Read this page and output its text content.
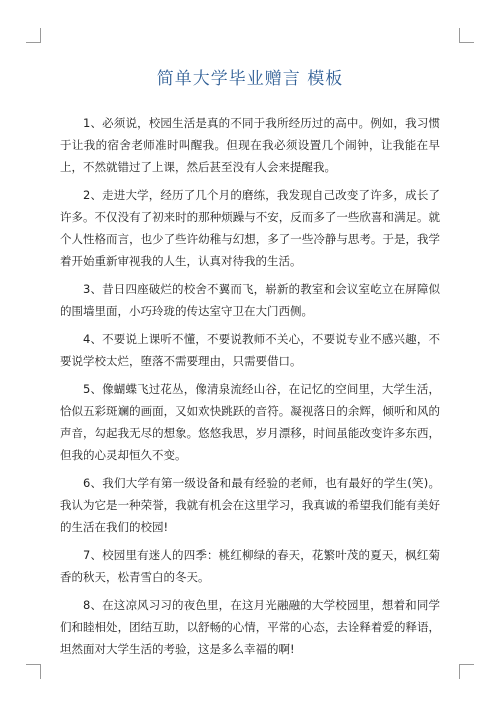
简单大学毕业赠言 模板

1、必须说，校园生活是真的不同于我所经历过的高中。例如，我习惯于让我的宿舍老师准时叫醒我。但现在我必须设置几个闹钟，让我能在早上，不然就错过了上课，然后甚至没有人会来提醒我。

2、走进大学，经历了几个月的磨练，我发现自己改变了许多，成长了许多。不仅没有了初来时的那种烦躁与不安，反而多了一些欣喜和满足。就个人性格而言，也少了些许幼稚与幻想，多了一些冷静与思考。于是，我学着开始重新审视我的人生，认真对待我的生活。

3、昔日四座破烂的校舍不翼而飞，崭新的教室和会议室屹立在屏障似的围墙里面，小巧玲珑的传达室守卫在大门西侧。

4、不要说上课听不懂，不要说教师不关心，不要说专业不感兴趣，不要说学校太烂，堕落不需要理由，只需要借口。

5、像蝴蝶飞过花丛，像清泉流经山谷，在记忆的空间里，大学生活，恰似五彩斑斓的画面，又如欢快跳跃的音符。凝视落日的余辉，倾听和风的声音，勾起我无尽的想象。悠悠我思，岁月漂移，时间虽能改变许多东西，但我的心灵却恒久不变。

6、我们大学有第一级设备和最有经验的老师，也有最好的学生(笑)。我认为它是一种荣誉，我就有机会在这里学习，我真诚的希望我们能有美好的生活在我们的校园!

7、校园里有迷人的四季：桃红柳绿的春天，花繁叶茂的夏天，枫红菊香的秋天，松青雪白的冬天。

8、在这凉风习习的夜色里，在这月光融融的大学校园里，想着和同学们和睦相处，团结互助，以舒畅的心情，平常的心态，去诠释着爱的释语，坦然面对大学生活的考验，这是多么幸福的啊!
